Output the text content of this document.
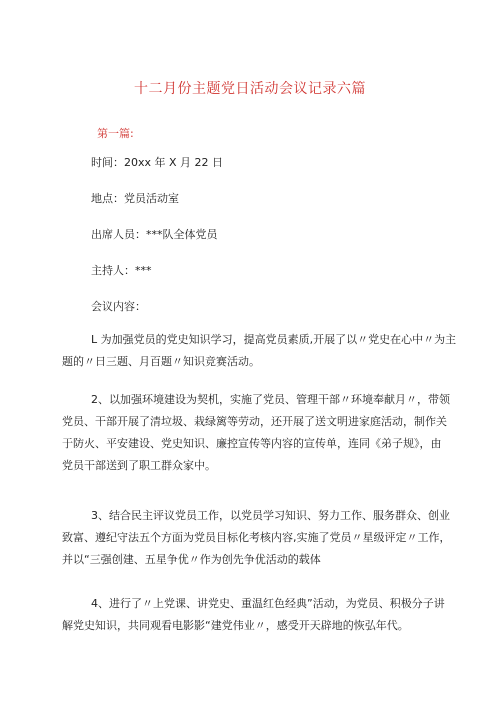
十二月份主题党日活动会议记录六篇
第一篇:
时间：20xx 年 X 月 22 日
地点：党员活动室
出席人员：***队全体党员
主持人：***
会议内容：
L 为加强党员的党史知识学习，提高党员素质,开展了以〃党史在心中〃为主
题的〃日三题、月百题〃知识竞赛活动。
2、以加强环境建设为契机，实施了党员、管理干部〃环境奉献月〃，带领
党员、干部开展了清垃圾、栽绿篱等劳动，还开展了送文明进家庭活动，制作关
于防火、平安建设、党史知识、廉控宣传等内容的宣传单，连同《弟子规》，由
党员干部送到了职工群众家中。
3、结合民主评议党员工作，以党员学习知识、努力工作、服务群众、创业
致富、遵纪守法五个方面为党员目标化考核内容,实施了党员〃星级评定〃工作，
并以“三强创建、五星争优〃作为创先争优活动的载体
4、进行了〃上党课、讲党史、重温红色经典”活动，为党员、积极分子讲
解党史知识，共同观看电影影“建党伟业〃，感受开天辟地的恢弘年代。
